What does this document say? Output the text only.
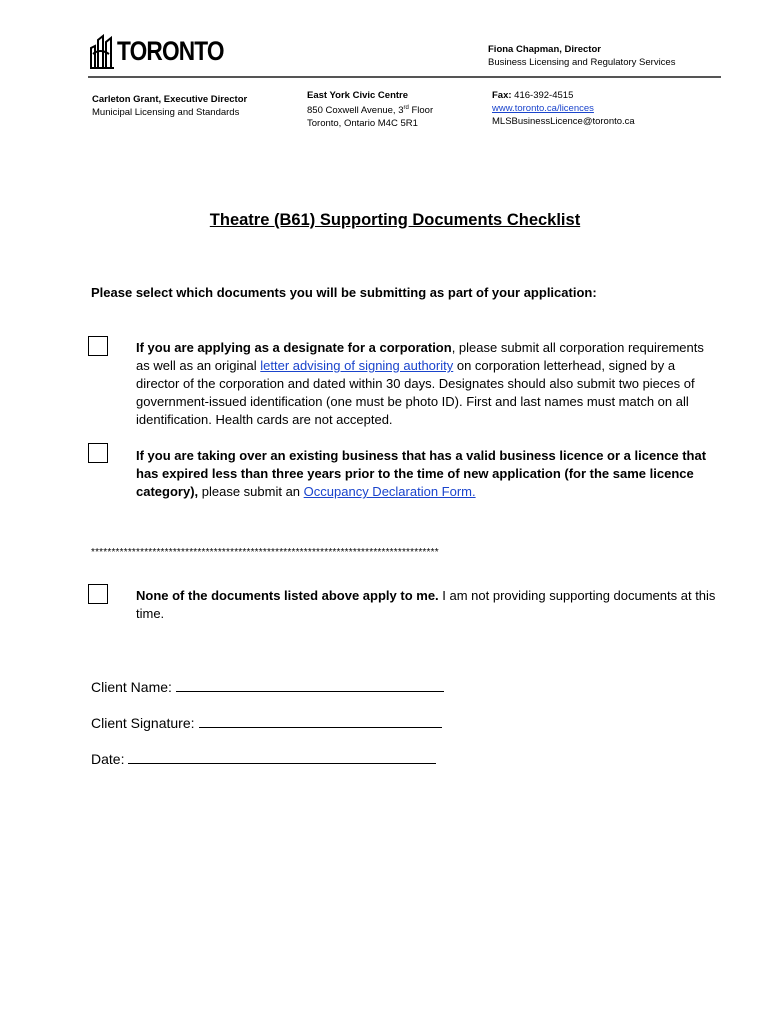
TORONTO	Fiona Chapman, Director
Business Licensing and Regulatory Services
Carleton Grant, Executive Director
Municipal Licensing and Standards
East York Civic Centre
850 Coxwell Avenue, 3rd Floor
Toronto, Ontario M4C 5R1
Fax: 416-392-4515
www.toronto.ca/licences
MLSBusinessLicence@toronto.ca
Theatre (B61) Supporting Documents Checklist
Please select which documents you will be submitting as part of your application:
If you are applying as a designate for a corporation, please submit all corporation requirements as well as an original letter advising of signing authority on corporation letterhead, signed by a director of the corporation and dated within 30 days. Designates should also submit two pieces of government-issued identification (one must be photo ID). First and last names must match on all identification. Health cards are not accepted.
If you are taking over an existing business that has a valid business licence or a licence that has expired less than three years prior to the time of new application (for the same licence category), please submit an Occupancy Declaration Form.
*************************************************************************************
None of the documents listed above apply to me. I am not providing supporting documents at this time.
Client Name:
Client Signature:
Date:
